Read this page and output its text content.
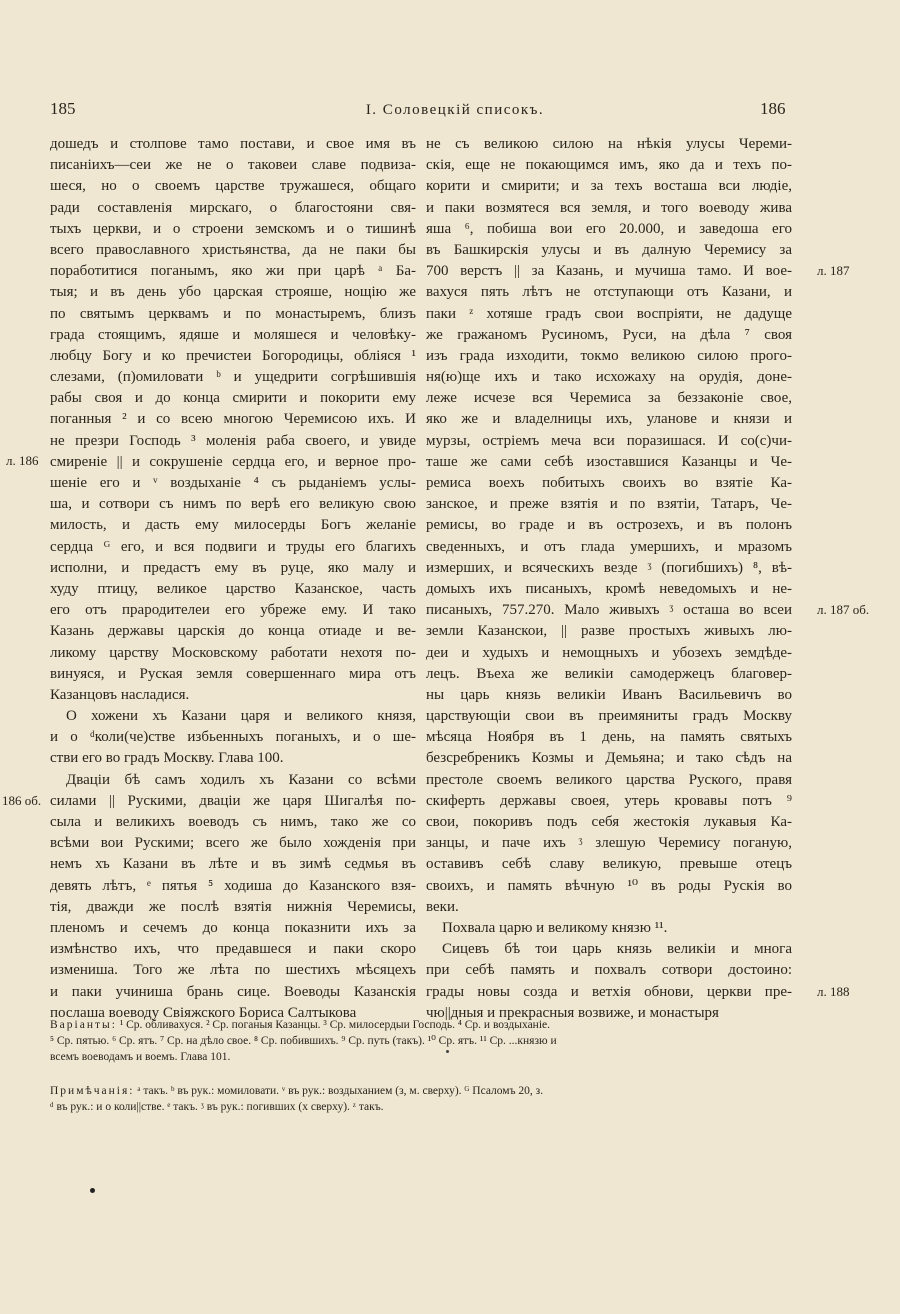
185	I. Соловецкiй списокъ.	186
дошедъ и столпове тамо постави, и свое имя въ
писанiихъ—сеи же не о таковеи славе подвиза-
шеся, но о своемъ царстве тружашеся, общаго
ради составленiя мирскаго, о благостояни свя-
тыхъ церкви, и о строени земскомъ и о тишинѣ
всего православного христьянства, да не паки бы
поработитися поганымъ, яко жи при царѣ ᵃ Ба-
тыя; и въ день убо царская строяше, нощiю же
по святымъ церквамъ и по монастыремъ, близъ
града стоящимъ, ядяше и моляшеся и человѣку-
любцу Богу и ко пречистеи Богородицы, облiяся ¹
слезами, (п)омиловати ᵇ и ущедрити согрѣшившiя
рабы своя и до конца смирити и покорити ему
поганныя ² и со всею многою Черемисою ихъ. И
не презри Господь ³ моленiя раба своего, и увиде
смиренiе || и сокрушенiе сердца его, и верное про-
шенiе его и ᵛ воздыханiе ⁴ съ рыданiемъ услы-
ша, и сотвори съ нимъ по верѣ его великую свою
милость, и дасть ему милосерды Богъ желанiе
сердца ᴳ его, и вся подвиги и труды его благихъ
исполни, и предастъ ему въ руце, яко малу и
худу птицу, великое царство Казанское, часть
его отъ прародителеи его убреже ему. И тако
Казань державы царскiя до конца отиаде и ве-
ликому царству Московскому работати нехотя по-
винуяся, и Руская земля совершеннаго мира отъ
Казанцовъ насладися.
О хожени хъ Казани царя и великого князя,
и о ᵈколи(че)стве избьенныхъ поганыхъ, и о ше-
стви его во градъ Москву. Глава 100.
Двацiи бѣ самъ ходилъ хъ Казани со всѣми
силами || Рускими, двацiи же царя Шигалѣя по-
сыла и великихъ воеводъ съ нимъ, тако же со
всѣми вои Рускими; всего же было хожденiя при
немъ хъ Казани въ лѣте и въ зимѣ седмья въ
девять лѣтъ, ᵉ пятья ⁵ ходиша до Казанского взя-
тiя, дважди же послѣ взятiя нижнiя Черемисы,
пленомъ и сечемъ до конца показнити ихъ за
измѣнство ихъ, что предавшеся и паки скоро
измениша. Того же лѣта по шестихъ мѣсяцехъ
и паки учиниша брань сице. Воеводы Казанскiя
послаша воеводу Свiяжского Бориса Салтыкова
не съ великою силою на нѣкiя улусы Череми-
скiя, еще не покающимся имъ, яко да и техъ по-
корити и смирити; и за техъ восташа вси людiе,
и паки возмятеся вся земля, и того воеводу жива
яша ⁶, побиша вои его 20.000, и заведоша его
въ Башкирскiя улусы и въ далную Черемису за
700 верстъ || за Казань, и мучиша тамо. И вое-
вахуся пять лѣтъ не отступающи отъ Казани, и
паки ᶻ хотяше градъ свои воспрiяти, не дадуще
же гражаномъ Русиномъ, Руси, на дѣла ⁷ своя
изъ града изходити, токмо великою силою прогo-
ня(ю)ще ихъ и тако исхожаху на орудiя, доне-
леже исчезе вся Черемиса за беззаконiе свое,
яко же и владелницы ихъ, уланове и князи и
мурзы, острiемъ меча вси поразишася. И со(с)чи-
таше же сами себѣ изоставшися Казанцы и Че-
ремиса воехъ побитыхъ своихъ во взятiе Ка-
занское, и преже взятiя и по взятiи, Татаръ, Че-
ремисы, во граде и въ острозехъ, и въ полонъ
сведенныхъ, и отъ глада умершихъ, и мразомъ
измерших, и всяческихъ везде ᶾ (погибшихъ) ⁸, вѣ-
домыхъ ихъ писаныхъ, кромѣ неведомыхъ и не-
писаныхъ, 757.270. Мало живыхъ ᶾ осташа во всеи
земли Казанскои, || разве простыхъ живыхъ лю-
деи и худыхъ и немощныхъ и убозехъ земдѣде-
лецъ. Въеха же великiи самодержецъ благовер-
ны царь князь великiи Иванъ Васильевичъ во
царствующiи свои въ преимяниты градъ Москву
мѣсяца Ноября въ 1 день, на память святыхъ
безсребреникъ Козмы и Демьяна; и тако сѣдъ на
престоле своемъ великого царства Руского, правя
скиферть державы своея, утерь кровавы потъ ⁹
свои, покоривъ подъ себя жестокiя лукавыя Ка-
занцы, и паче ихъ ᶾ злешую Черемису поганую,
оставивъ себѣ славу великую, превыше отецъ
своихъ, и память вѣчную ¹⁰ въ роды Рускiя во
веки.
Похвала царю и великому князю ¹¹.
Сицевъ бѣ тои царь князь великiи и многа
при себѣ память и похвалъ сотвори достоино:
грады новы созда и ветхiя обнови, церкви пре-
чю||дныя и прекрасныя возвиже, и монастыря
л. 186
186 об.
л. 187
л. 187 об.
л. 188
Варiанты: ¹ Ср. обливахуся. ² Ср. поганыя Казанцы. ³ Ср. милосердыи Господь. ⁴ Ср. и воздыханiе.
⁵ Ср. пятью. ⁶ Ср. ятъ. ⁷ Ср. на дѣло свое. ⁸ Ср. побившихъ. ⁹ Ср. путь (такъ). ¹⁰ Ср. ятъ. ¹¹ Ср. ...князю и
всемъ воеводамъ и воемъ. Глава 101.
Примѣчанiя: ᵃ такъ. ᵇ въ рук.: момиловати. ᵛ въ рук.: воздыханием (з, м. сверху). ᴳ Псаломъ 20, з.
ᵈ въ рук.: и о коли||стве. ᵉ такъ. ᶾ въ рук.: погивших (х сверху). ᶻ такъ.
